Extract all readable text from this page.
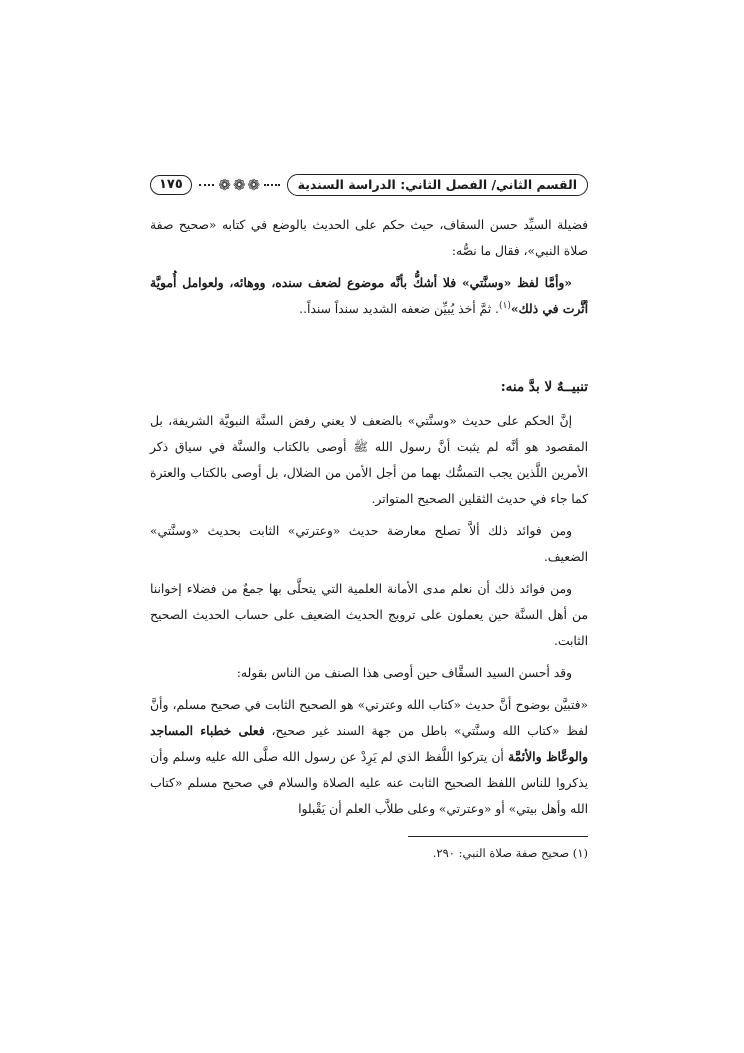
القسم الثاني/ الفصل الثاني: الدراسة السندية
❁ ❁ ❁
١٧٥

فضيلة السيِّد حسن السقاف، حيث حكم على الحديث بالوضع في كتابه «صحيح صفة صلاة النبي»، فقال ما نصُّه:

«وأمَّا لفظ «وسنَّتي» فلا أشكُّ بأنَّه موضوع لضعف سنده، ووهائه، ولعوامل أُمويَّة أثَّرت في ذلك»$^{(١)}$. ثمَّ أخذ يُبيِّن ضعفه الشديد سنداً سنداً..

تنبيــهٌ لا بدَّ منه:

إنَّ الحكم على حديث «وسنَّتي» بالضعف لا يعني رفض السنَّة النبويَّة الشريفة، بل المقصود هو أنَّه لم يثبت أنَّ رسول الله ﷺ أوصى بالكتاب والسنَّة في سياق ذكر الأمرين اللَّذين يجب التمسُّك بهما من أجل الأمن من الضلال، بل أوصى بالكتاب والعترة كما جاء في حديث الثقلين الصحيح المتواتر.

ومن فوائد ذلك ألاَّ تصلح معارضة حديث «وعترتي» الثابت بحديث «وسنَّتي» الضعيف.

ومن فوائد ذلك أن نعلم مدى الأمانة العلمية التي يتحلَّى بها جمعٌ من فضلاء إخواننا من أهل السنَّة حين يعملون على ترويج الحديث الضعيف على حساب الحديث الصحيح الثابت.

وقد أحسن السيد السقَّاف حين أوصى هذا الصنف من الناس بقوله:

«فتبيَّن بوضوح أنَّ حديث «كتاب الله وعترتي» هو الصحيح الثابت في صحيح مسلم، وأنَّ لفظ «كتاب الله وسنَّتي» باطل من جهة السند غير صحيح، فعلى خطباء المساجد والوعَّاظ والأئمَّة أن يتركوا اللَّفظ الذي لم يَرِدْ عن رسول الله صلَّى الله عليه وسلم وأن يذكروا للناس اللفظ الصحيح الثابت عنه عليه الصلاة والسلام في صحيح مسلم «كتاب الله وأهل بيتي» أو «وعترتي» وعلى طلاَّب العلم أن يَقْبلوا

(١) صحيح صفة صلاة النبي: ٢٩٠.
